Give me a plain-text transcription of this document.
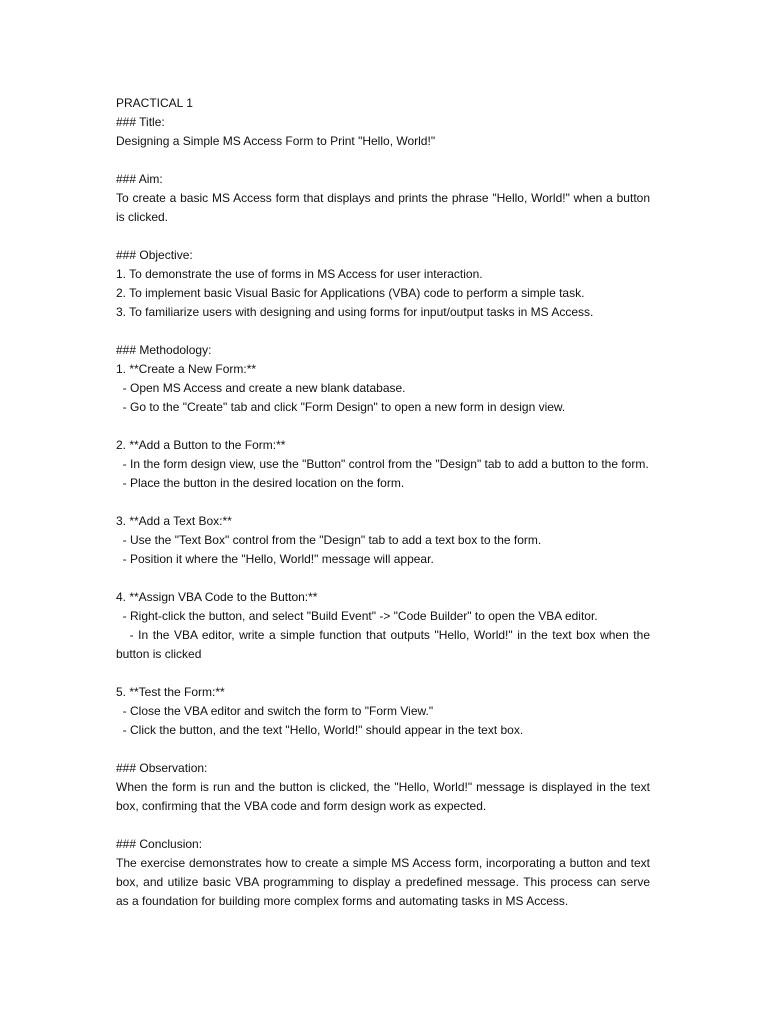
PRACTICAL 1
### Title:
Designing a Simple MS Access Form to Print "Hello, World!"
### Aim:
To create a basic MS Access form that displays and prints the phrase "Hello, World!" when a button is clicked.
### Objective:
1. To demonstrate the use of forms in MS Access for user interaction.
2. To implement basic Visual Basic for Applications (VBA) code to perform a simple task.
3. To familiarize users with designing and using forms for input/output tasks in MS Access.
### Methodology:
1. **Create a New Form:**
- Open MS Access and create a new blank database.
- Go to the "Create" tab and click "Form Design" to open a new form in design view.
2. **Add a Button to the Form:**
- In the form design view, use the "Button" control from the "Design" tab to add a button to the form.
- Place the button in the desired location on the form.
3. **Add a Text Box:**
- Use the "Text Box" control from the "Design" tab to add a text box to the form.
- Position it where the "Hello, World!" message will appear.
4. **Assign VBA Code to the Button:**
- Right-click the button, and select "Build Event" -> "Code Builder" to open the VBA editor.
- In the VBA editor, write a simple function that outputs "Hello, World!" in the text box when the button is clicked
5. **Test the Form:**
- Close the VBA editor and switch the form to "Form View."
- Click the button, and the text "Hello, World!" should appear in the text box.
### Observation:
When the form is run and the button is clicked, the "Hello, World!" message is displayed in the text box, confirming that the VBA code and form design work as expected.
### Conclusion:
The exercise demonstrates how to create a simple MS Access form, incorporating a button and text box, and utilize basic VBA programming to display a predefined message. This process can serve as a foundation for building more complex forms and automating tasks in MS Access.
